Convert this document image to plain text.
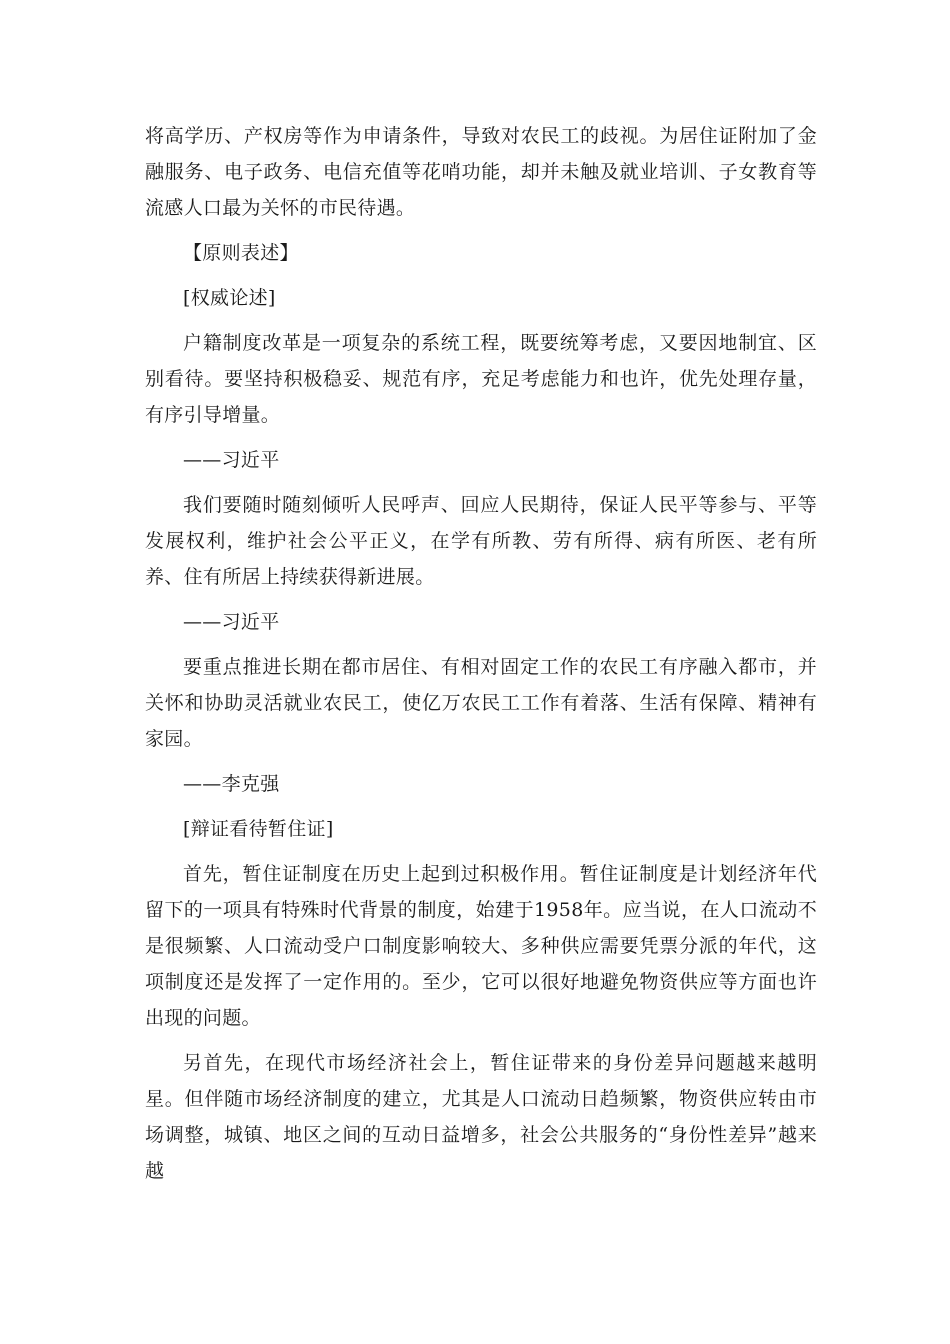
将高学历、产权房等作为申请条件，导致对农民工的歧视。为居住证附加了金融服务、电子政务、电信充值等花哨功能，却并未触及就业培训、子女教育等流感人口最为关怀的市民待遇。

【原则表述】

[权威论述]

户籍制度改革是一项复杂的系统工程，既要统筹考虑，又要因地制宜、区别看待。要坚持积极稳妥、规范有序，充足考虑能力和也许，优先处理存量，有序引导增量。

——习近平

我们要随时随刻倾听人民呼声、回应人民期待，保证人民平等参与、平等发展权利，维护社会公平正义，在学有所教、劳有所得、病有所医、老有所养、住有所居上持续获得新进展。

——习近平

要重点推进长期在都市居住、有相对固定工作的农民工有序融入都市，并关怀和协助灵活就业农民工，使亿万农民工工作有着落、生活有保障、精神有家园。

——李克强

[辩证看待暂住证]

首先，暂住证制度在历史上起到过积极作用。暂住证制度是计划经济年代留下的一项具有特殊时代背景的制度，始建于1958年。应当说，在人口流动不是很频繁、人口流动受户口制度影响较大、多种供应需要凭票分派的年代，这项制度还是发挥了一定作用的。至少，它可以很好地避免物资供应等方面也许出现的问题。

另首先，在现代市场经济社会上，暂住证带来的身份差异问题越来越明星。但伴随市场经济制度的建立，尤其是人口流动日趋频繁，物资供应转由市场调整，城镇、地区之间的互动日益增多，社会公共服务的“身份性差异”越来越
